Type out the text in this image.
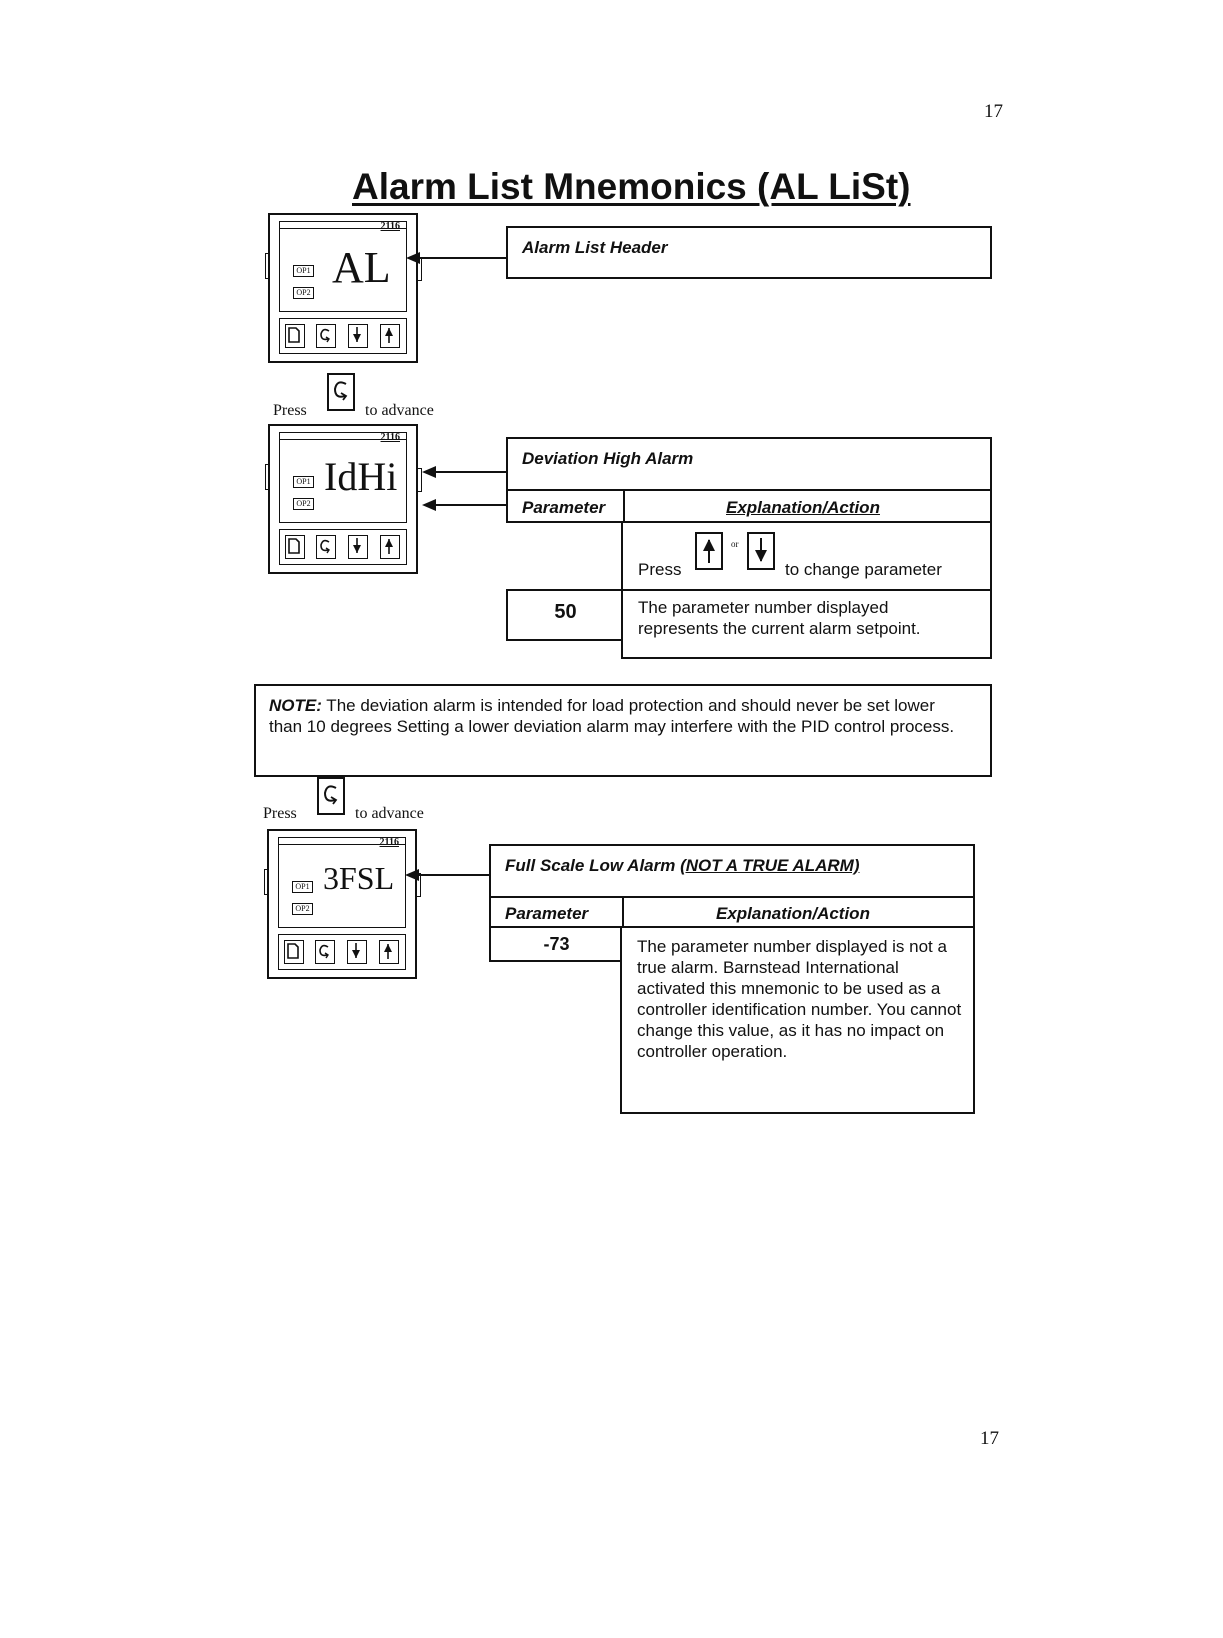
17
17
Alarm List Mnemonics (AL LiSt)
2116
OP1
OP2
AL	Alarm List Header
Press	to advance
2116
OP1
OP2
IdHi	Deviation High Alarm
Parameter	Explanation/Action
Press
or
to change parameter
50	The parameter number displayed represents the current alarm setpoint.
NOTE: The deviation alarm is intended for load protection and should never be set lower than 10 degrees Setting a lower deviation alarm may interfere with the PID control process.
Press	to advance
2116
OP1
OP2
3FSL	Full Scale Low Alarm (NOT A TRUE ALARM)
Parameter	Explanation/Action
-73	The parameter number displayed is not a true alarm. Barnstead International activated this mnemonic to be used as a controller identification number. You cannot change this value, as it has no impact on controller operation.
